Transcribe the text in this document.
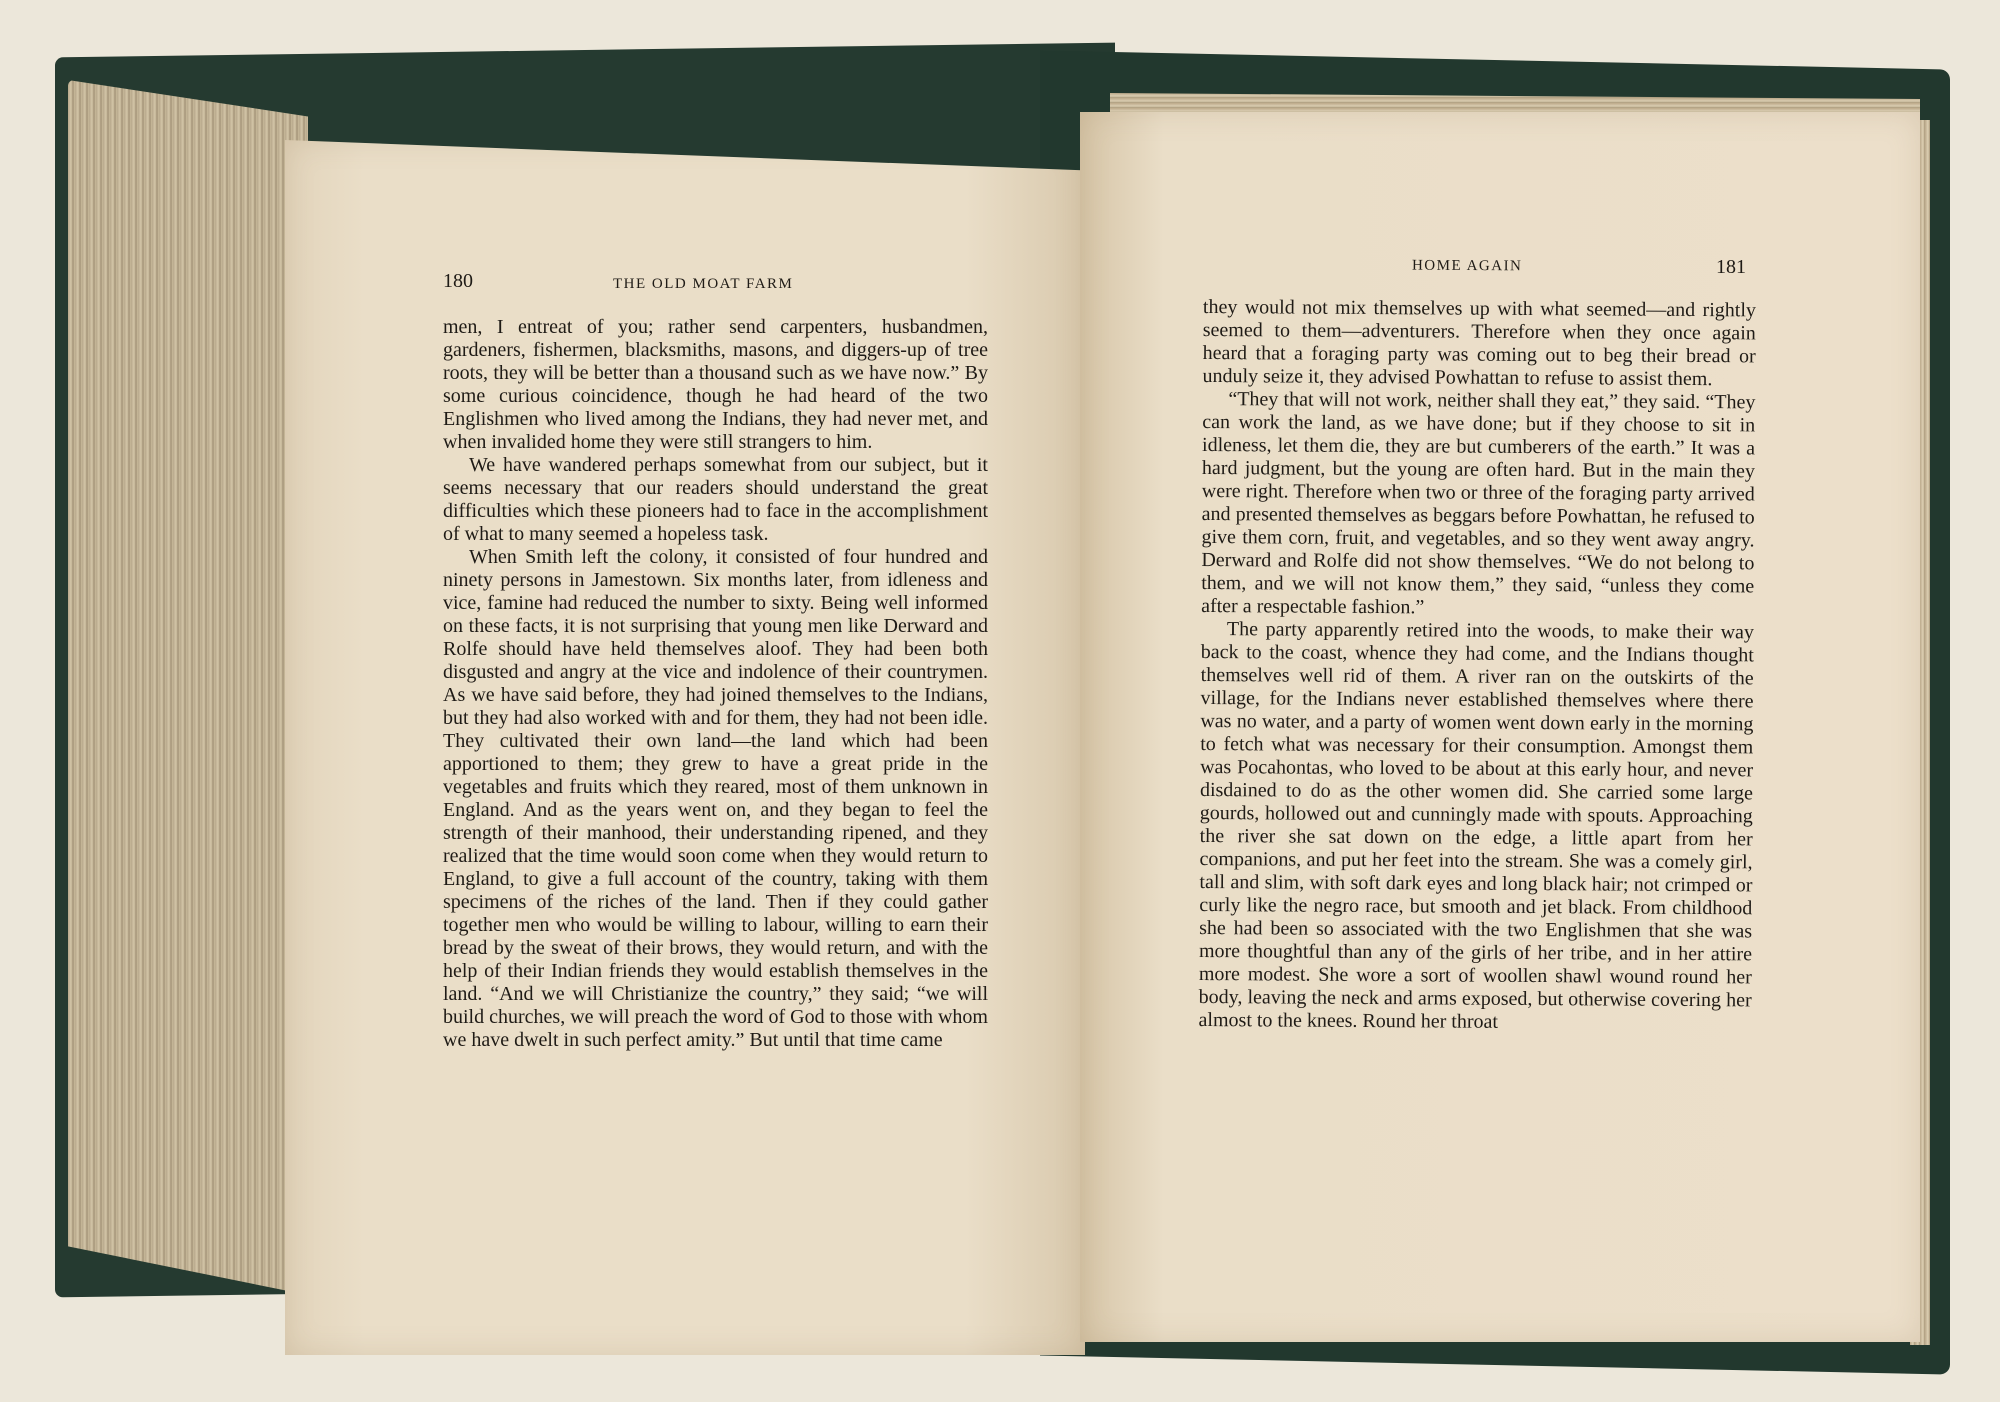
180	THE OLD MOAT FARM

men, I entreat of you; rather send carpenters, husbandmen, gardeners, fishermen, blacksmiths, masons, and diggers-up of tree roots, they will be better than a thousand such as we have now.” By some curious coincidence, though he had heard of the two Englishmen who lived among the Indians, they had never met, and when invalided home they were still strangers to him.

We have wandered perhaps somewhat from our subject, but it seems necessary that our readers should understand the great difficulties which these pioneers had to face in the accomplishment of what to many seemed a hopeless task.

When Smith left the colony, it consisted of four hundred and ninety persons in Jamestown. Six months later, from idleness and vice, famine had reduced the number to sixty. Being well informed on these facts, it is not surprising that young men like Derward and Rolfe should have held themselves aloof. They had been both disgusted and angry at the vice and indolence of their countrymen. As we have said before, they had joined themselves to the Indians, but they had also worked with and for them, they had not been idle. They cultivated their own land—the land which had been apportioned to them; they grew to have a great pride in the vegetables and fruits which they reared, most of them unknown in England. And as the years went on, and they began to feel the strength of their manhood, their understanding ripened, and they realized that the time would soon come when they would return to England, to give a full account of the country, taking with them specimens of the riches of the land. Then if they could gather together men who would be willing to labour, willing to earn their bread by the sweat of their brows, they would return, and with the help of their Indian friends they would establish themselves in the land. “And we will Christianize the country,” they said; “we will build churches, we will preach the word of God to those with whom we have dwelt in such perfect amity.” But until that time came

HOME AGAIN	181

they would not mix themselves up with what seemed—and rightly seemed to them—adventurers. Therefore when they once again heard that a foraging party was coming out to beg their bread or unduly seize it, they advised Powhattan to refuse to assist them.

“They that will not work, neither shall they eat,” they said. “They can work the land, as we have done; but if they choose to sit in idleness, let them die, they are but cumberers of the earth.” It was a hard judgment, but the young are often hard. But in the main they were right. Therefore when two or three of the foraging party arrived and presented themselves as beggars before Powhattan, he refused to give them corn, fruit, and vegetables, and so they went away angry. Derward and Rolfe did not show themselves. “We do not belong to them, and we will not know them,” they said, “unless they come after a respectable fashion.”

The party apparently retired into the woods, to make their way back to the coast, whence they had come, and the Indians thought themselves well rid of them. A river ran on the outskirts of the village, for the Indians never established themselves where there was no water, and a party of women went down early in the morning to fetch what was necessary for their consumption. Amongst them was Pocahontas, who loved to be about at this early hour, and never disdained to do as the other women did. She carried some large gourds, hollowed out and cunningly made with spouts. Approaching the river she sat down on the edge, a little apart from her companions, and put her feet into the stream. She was a comely girl, tall and slim, with soft dark eyes and long black hair; not crimped or curly like the negro race, but smooth and jet black. From childhood she had been so associated with the two Englishmen that she was more thoughtful than any of the girls of her tribe, and in her attire more modest. She wore a sort of woollen shawl wound round her body, leaving the neck and arms exposed, but otherwise covering her almost to the knees. Round her throat
